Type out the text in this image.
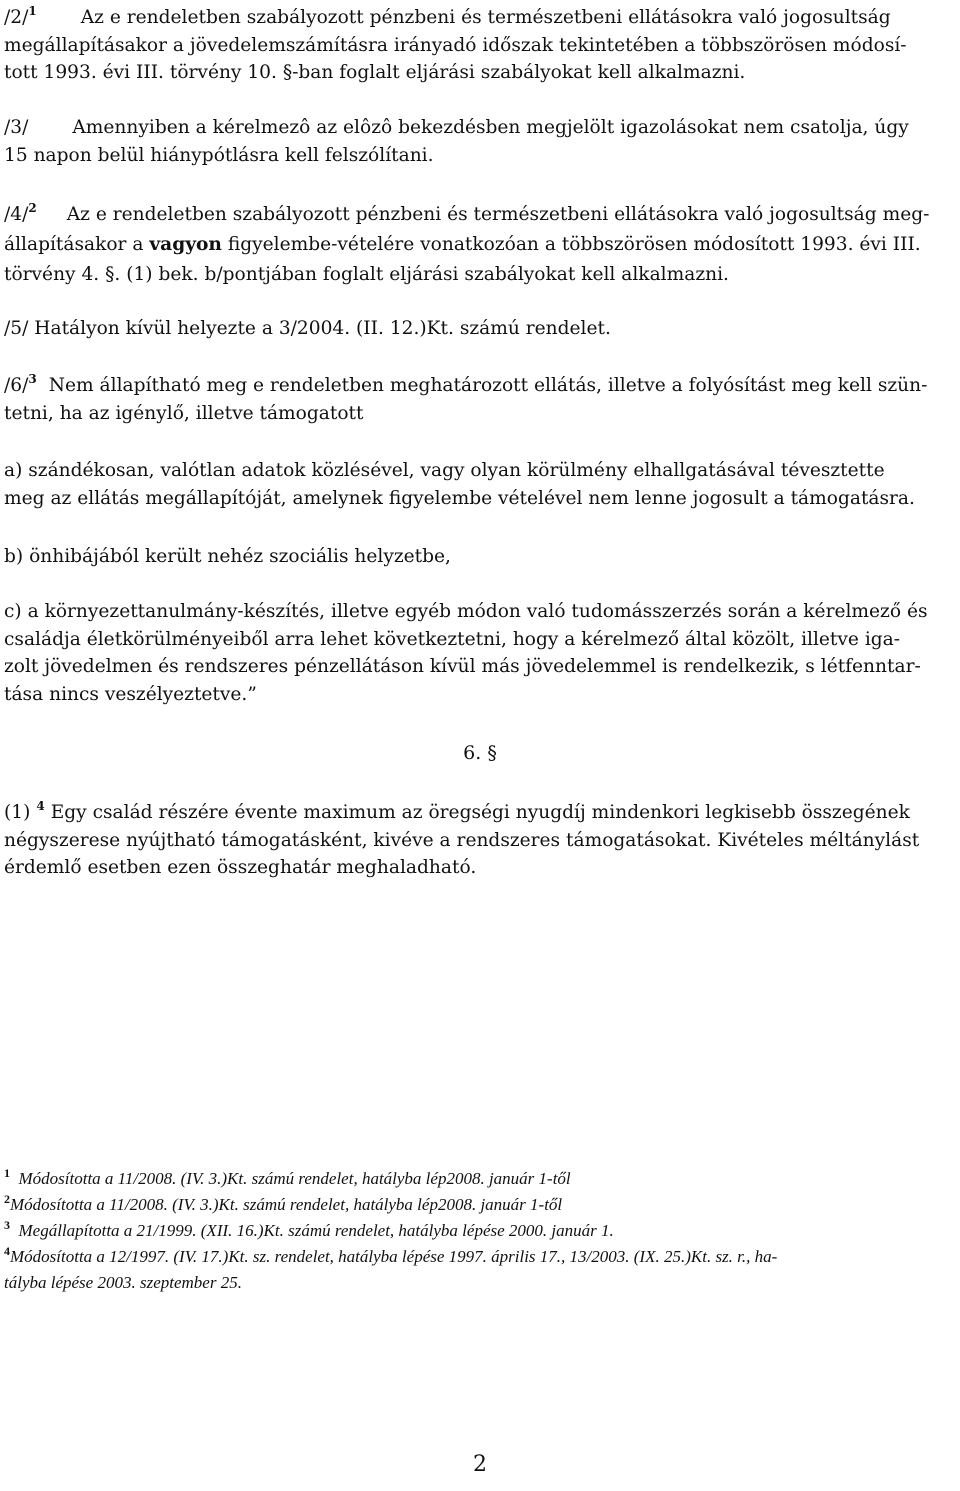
/2/$^1$ Az e rendeletben szabályozott pénzbeni és természetbeni ellátásokra való jogosultság
megállapításakor a jövedelemszámításra irányadó időszak tekintetében a többszörösen módosí-
tott 1993. évi III. törvény 10. §-ban foglalt eljárási szabályokat kell alkalmazni.
/3/ Amennyiben a kérelmezô az elôzô bekezdésben megjelölt igazolásokat nem csatolja, úgy
15 napon belül hiánypótlásra kell felszólítani.
/4/$^2$ Az e rendeletben szabályozott pénzbeni és természetbeni ellátásokra való jogosultság meg-
állapításakor a vagyon figyelembe-vételére vonatkozóan a többszörösen módosított 1993. évi III.
törvény 4. §. (1) bek. b/pontjában foglalt eljárási szabályokat kell alkalmazni.
/5/ Hatályon kívül helyezte a 3/2004. (II. 12.)Kt. számú rendelet.
/6/$^3$ Nem állapítható meg e rendeletben meghatározott ellátás, illetve a folyósítást meg kell szün-
tetni, ha az igénylő, illetve támogatott
a) szándékosan, valótlan adatok közlésével, vagy olyan körülmény elhallgatásával tévesztette
meg az ellátás megállapítóját, amelynek figyelembe vételével nem lenne jogosult a támogatásra.
b) önhibájából került nehéz szociális helyzetbe,
c) a környezettanulmány-készítés, illetve egyéb módon való tudomásszerzés során a kérelmező és
családja életkörülményeiből arra lehet következtetni, hogy a kérelmező által közölt, illetve iga-
zolt jövedelmen és rendszeres pénzellátáson kívül más jövedelemmel is rendelkezik, s létfenntar-
tása nincs veszélyeztetve.”
6. §
(1) $^4$ Egy család részére évente maximum az öregségi nyugdíj mindenkori legkisebb összegének
négyszerese nyújtható támogatásként, kivéve a rendszeres támogatásokat. Kivételes méltánylást
érdemlő esetben ezen összeghatár meghaladható.
$^1$ Módosította a 11/2008. (IV. 3.)Kt. számú rendelet, hatályba lép2008. január 1-től
$^2$Módosította a 11/2008. (IV. 3.)Kt. számú rendelet, hatályba lép2008. január 1-től
$^3$ Megállapította a 21/1999. (XII. 16.)Kt. számú rendelet, hatályba lépése 2000. január 1.
$^4$Módosította a 12/1997. (IV. 17.)Kt. sz. rendelet, hatályba lépése 1997. április 17., 13/2003. (IX. 25.)Kt. sz. r., ha-
tályba lépése 2003. szeptember 25.
2
